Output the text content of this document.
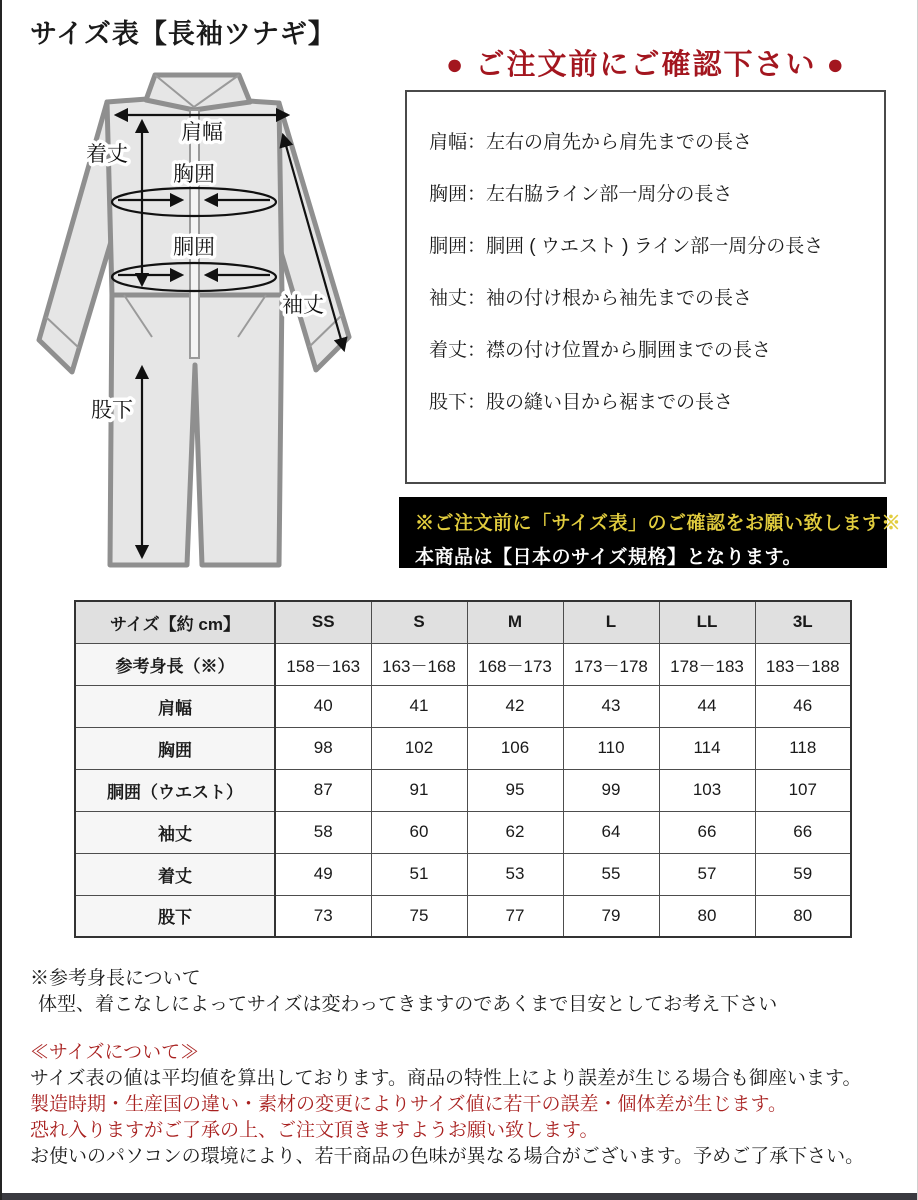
サイズ表【長袖ツナギ】
● ご注文前にご確認下さい ●
肩幅
着丈
胸囲
胴囲
袖丈
股下
肩幅：左右の肩先から肩先までの長さ
胸囲：左右脇ライン部一周分の長さ
胴囲：胴囲 ( ウエスト ) ライン部一周分の長さ
袖丈：袖の付け根から袖先までの長さ
着丈：襟の付け位置から胴囲までの長さ
股下：股の縫い目から裾までの長さ
※ご注文前に「サイズ表」のご確認をお願い致します※
本商品は【日本のサイズ規格】となります。
サイズ【約 cm】	SS	S	M	L	LL	3L
参考身長（※）	158－163	163－168	168－173	173－178	178－183	183－188
肩幅	40	41	42	43	44	46
胸囲	98	102	106	110	114	118
胴囲（ウエスト）	87	91	95	99	103	107
袖丈	58	60	62	64	66	66
着丈	49	51	53	55	57	59
股下	73	75	77	79	80	80
※参考身長について
体型、着こなしによってサイズは変わってきますのであくまで目安としてお考え下さい
≪サイズについて≫
サイズ表の値は平均値を算出しております。商品の特性上により誤差が生じる場合も御座います。
製造時期・生産国の違い・素材の変更によりサイズ値に若干の誤差・個体差が生じます。
恐れ入りますがご了承の上、ご注文頂きますようお願い致します。
お使いのパソコンの環境により、若干商品の色味が異なる場合がございます。予めご了承下さい。
